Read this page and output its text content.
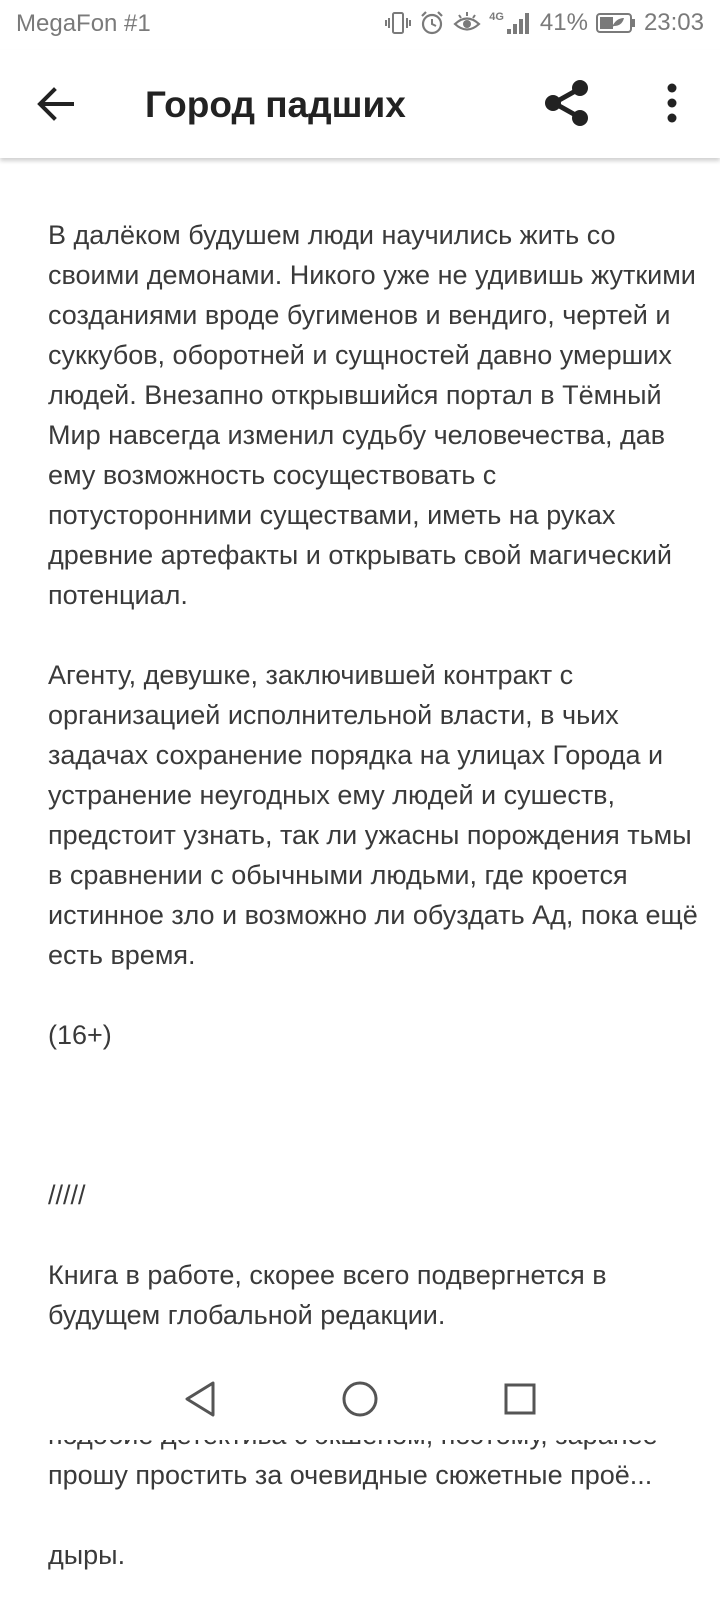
MegaFon #1	4G 41% 23:03
Город падших

В далёком будушем люди научились жить со своими демонами. Никого уже не удивишь жуткими созданиями вроде бугименов и вендиго, чертей и суккубов, оборотней и сущностей давно умерших людей. Внезапно открывшийся портал в Тёмный Мир навсегда изменил судьбу человечества, дав ему возможность сосуществовать с потусторонними существами, иметь на руках древние артефакты и открывать свой магический потенциал.

Агенту, девушке, заключившей контракт с организацией исполнительной власти, в чьих задачах сохранение порядка на улицах Города и устранение неугодных ему людей и сушеств, предстоит узнать, так ли ужасны порождения тьмы в сравнении с обычными людьми, где кроется истинное зло и возможно ли обуздать Ад, пока ещё есть время.

(16+)

/////

Книга в работе, скорее всего подвергнется в будущем глобальной редакции.

прошу простить за очевидные сюжетные проё...

дыры.
